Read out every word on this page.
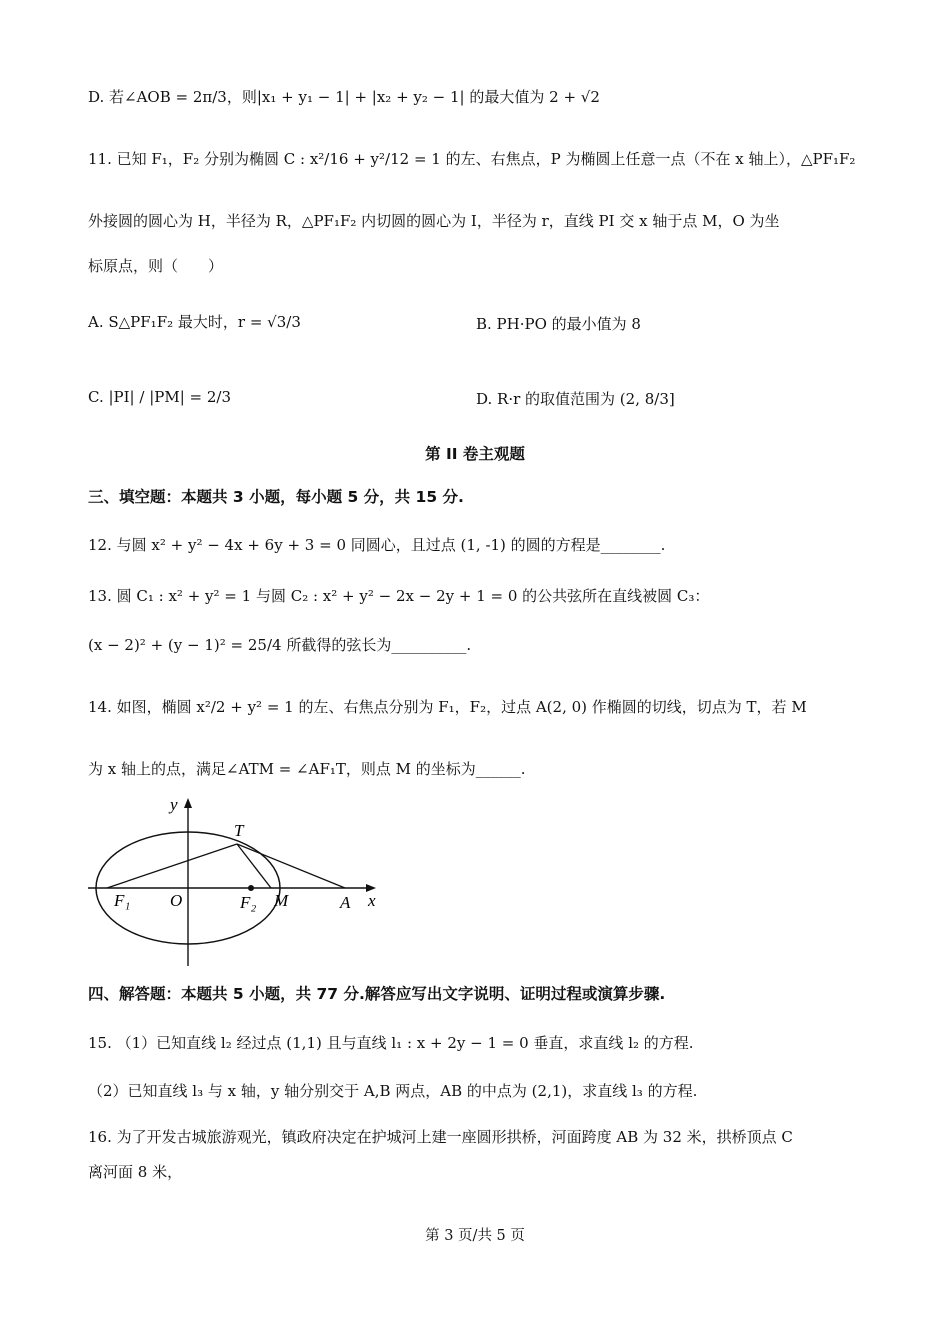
D. 若∠AOB = 2π/3，则|x₁ + y₁ − 1| + |x₂ + y₂ − 1| 的最大值为 2 + √2
11. 已知 F₁，F₂ 分别为椭圆 C : x²/16 + y²/12 = 1 的左、右焦点，P 为椭圆上任意一点（不在 x 轴上），△PF₁F₂
外接圆的圆心为 H，半径为 R，△PF₁F₂ 内切圆的圆心为 I，半径为 r，直线 PI 交 x 轴于点 M，O 为坐
标原点，则（　　）
A. S△PF₁F₂ 最大时，r = √3/3	B. PH·PO 的最小值为 8
C. |PI| / |PM| = 2/3	D. R·r 的取值范围为 (2, 8/3]
第 II 卷主观题
三、填空题：本题共 3 小题，每小题 5 分，共 15 分.
12. 与圆 x² + y² − 4x + 6y + 3 = 0 同圆心，且过点 (1, -1) 的圆的方程是________.
13. 圆 C₁ : x² + y² = 1 与圆 C₂ : x² + y² − 2x − 2y + 1 = 0 的公共弦所在直线被圆 C₃：
(x − 2)² + (y − 1)² = 25/4 所截得的弦长为__________.
14. 如图，椭圆 x²/2 + y² = 1 的左、右焦点分别为 F₁，F₂，过点 A(2, 0) 作椭圆的切线，切点为 T，若 M
为 x 轴上的点，满足∠ATM = ∠AF₁T，则点 M 的坐标为______.
y
x
T
F₁ O	F₂ M	A
四、解答题：本题共 5 小题，共 77 分.解答应写出文字说明、证明过程或演算步骤.
15. （1）已知直线 l₂ 经过点 (1,1) 且与直线 l₁ : x + 2y − 1 = 0 垂直，求直线 l₂ 的方程.
（2）已知直线 l₃ 与 x 轴，y 轴分别交于 A,B 两点，AB 的中点为 (2,1)，求直线 l₃ 的方程.
16. 为了开发古城旅游观光，镇政府决定在护城河上建一座圆形拱桥，河面跨度 AB 为 32 米，拱桥顶点 C
离河面 8 米，
第 3 页/共 5 页
